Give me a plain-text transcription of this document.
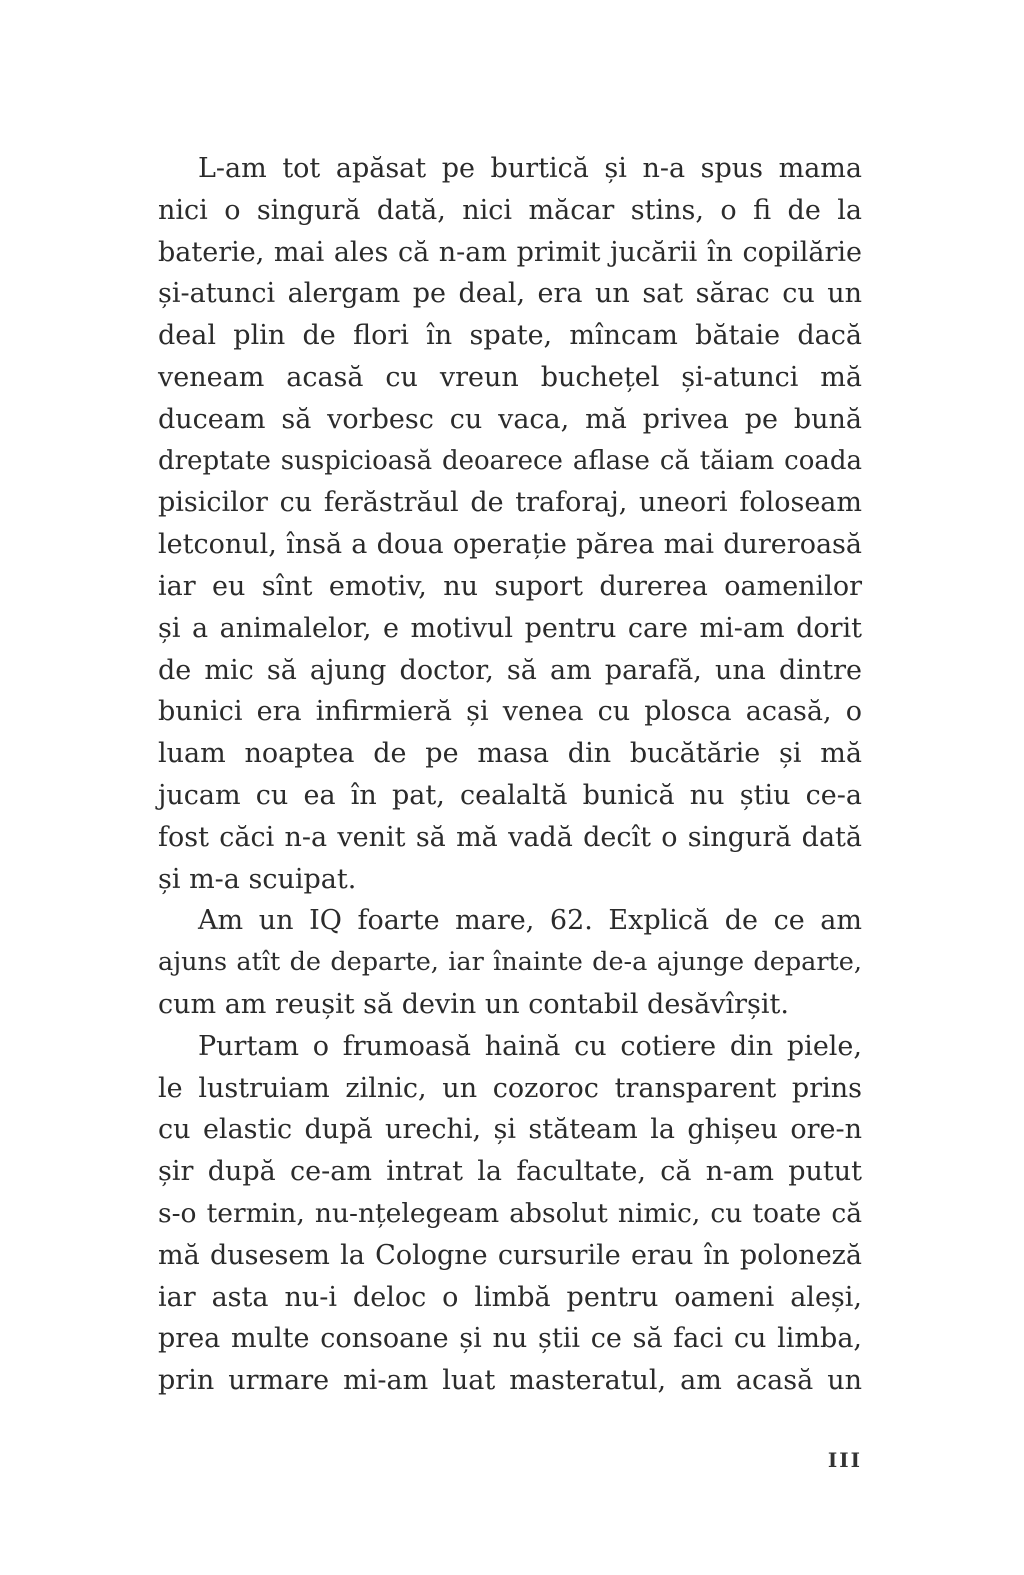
L-am tot apăsat pe burtică și n-a spus mama
nici o singură dată, nici măcar stins, o fi de la
baterie, mai ales că n-am primit jucării în copilărie
și-atunci alergam pe deal, era un sat sărac cu un
deal plin de flori în spate, mîncam bătaie dacă
veneam acasă cu vreun buchețel și-atunci mă
duceam să vorbesc cu vaca, mă privea pe bună
dreptate suspicioasă deoarece aflase că tăiam coada
pisicilor cu ferăstrăul de traforaj, uneori foloseam
letconul, însă a doua operație părea mai dureroasă
iar eu sînt emotiv, nu suport durerea oamenilor
și a animalelor, e motivul pentru care mi-am dorit
de mic să ajung doctor, să am parafă, una dintre
bunici era infirmieră și venea cu plosca acasă, o
luam noaptea de pe masa din bucătărie și mă
jucam cu ea în pat, cealaltă bunică nu știu ce-a
fost căci n-a venit să mă vadă decît o singură dată
și m-a scuipat.
Am un IQ foarte mare, 62. Explică de ce am
ajuns atît de departe, iar înainte de-a ajunge departe,
cum am reușit să devin un contabil desăvîrșit.
Purtam o frumoasă haină cu cotiere din piele,
le lustruiam zilnic, un cozoroc transparent prins
cu elastic după urechi, și stăteam la ghișeu ore-n
șir după ce-am intrat la facultate, că n-am putut
s-o termin, nu-nțelegeam absolut nimic, cu toate că
mă dusesem la Cologne cursurile erau în poloneză
iar asta nu-i deloc o limbă pentru oameni aleși,
prea multe consoane și nu știi ce să faci cu limba,
prin urmare mi-am luat masteratul, am acasă un
III
